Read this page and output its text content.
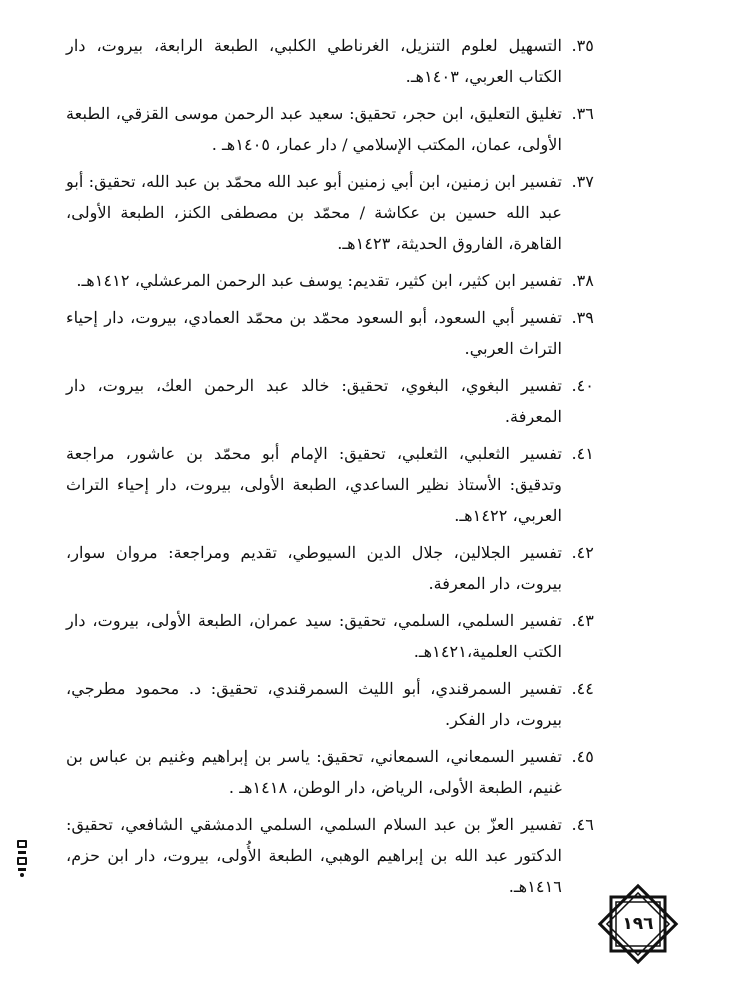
٣٥.
التسهيل لعلوم التنزيل، الغرناطي الكلبي، الطبعة الرابعة، بيروت، دار الكتاب العربي، ١٤٠٣هـ.
٣٦.
تغليق التعليق، ابن حجر، تحقيق: سعيد عبد الرحمن موسى القزقي، الطبعة الأولى، عمان، المكتب الإسلامي / دار عمار، ١٤٠٥هـ .
٣٧.
تفسير ابن زمنين، ابن أبي زمنين أبو عبد الله محمّد بن عبد الله، تحقيق: أبو عبد الله حسين بن عكاشة / محمّد بن مصطفى الكنز، الطبعة الأولى، القاهرة، الفاروق الحديثة، ١٤٢٣هـ.
٣٨.
تفسير ابن كثير، ابن كثير، تقديم: يوسف عبد الرحمن المرعشلي، ١٤١٢هـ.
٣٩.
تفسير أبي السعود، أبو السعود محمّد بن محمّد العمادي، بيروت، دار إحياء التراث العربي.
٤٠.
تفسير البغوي، البغوي، تحقيق: خالد عبد الرحمن العك، بيروت، دار المعرفة.
٤١.
تفسير الثعلبي، الثعلبي، تحقيق: الإمام أبو محمّد بن عاشور، مراجعة وتدقيق: الأستاذ نظير الساعدي، الطبعة الأولى، بيروت، دار إحياء التراث العربي، ١٤٢٢هـ.
٤٢.
تفسير الجلالين، جلال الدين السيوطي، تقديم ومراجعة: مروان سوار، بيروت، دار المعرفة.
٤٣.
تفسير السلمي، السلمي، تحقيق: سيد عمران، الطبعة الأولى، بيروت، دار الكتب العلمية،١٤٢١هـ.
٤٤.
تفسير السمرقندي، أبو الليث السمرقندي، تحقيق: د. محمود مطرجي، بيروت، دار الفكر.
٤٥.
تفسير السمعاني، السمعاني، تحقيق: ياسر بن إبراهيم وغنيم بن عباس بن غنيم، الطبعة الأولى، الرياض، دار الوطن، ١٤١٨هـ .
٤٦.
تفسير العزّ بن عبد السلام السلمي، السلمي الدمشقي الشافعي، تحقيق: الدكتور عبد الله بن إبراهيم الوهبي، الطبعة الأُولى، بيروت، دار ابن حزم، ١٤١٦هـ.
١٩٦
